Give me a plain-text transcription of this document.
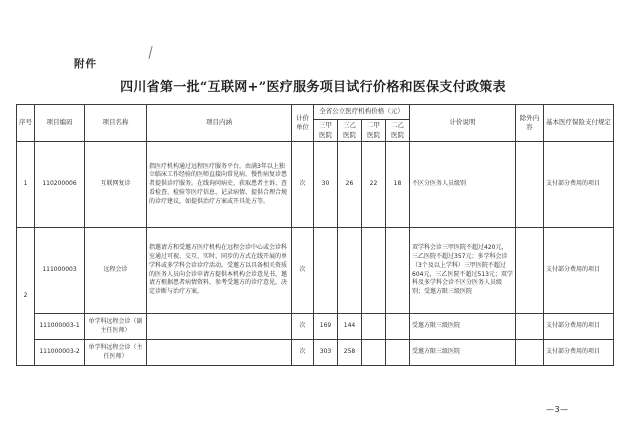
附件
四川省第一批“互联网+”医疗服务项目试行价格和医保支付政策表
序号	项目编码	项目名称	项目内涵	计价单位	全省公立医疗机构价格（元）				计价说明	除外内容	基本医疗保险支付规定
					三甲医院	三乙医院	二甲医院	二乙医院			
1	110200006	互联网复诊	指医疗机构通过远程医疗服务平台，由满3年以上独立临床工作经验的医师直接向常见病、慢性病复诊患者提供诊疗服务。在线询问病史、获取患者主诉、查看检查、检验等医疗信息、记录病情、提供合理合规的诊疗建议，如提供治疗方案或开具处方等。	次	30	26	22	18	不区分医务人员级别		支付部分费用的项目
2	111000003	远程会诊	指邀请方和受邀方医疗机构在远程会诊中心或会诊科室通过可视、交互、实时、同步的方式在线开展的单学科或多学科会诊诊疗活动。受邀方以具备相关资质的医务人员向会诊申请方提供本机构会诊意见书，邀请方根据患者病情资料，参考受邀方的诊疗意见，决定诊断与治疗方案。	次					双学科会诊三甲医院不超过420元，三乙医院不超过357元；多学科会诊（3个及以上学科）三甲医院不超过604元，三乙医院不超过513元；双学科及多学科会诊不区分医务人员级别；受邀方限三级医院		支付部分费用的项目
	111000003-1	单学科远程会诊（副主任医师）		次	169	144			受邀方限三级医院		支付部分费用的项目
	111000003-2	单学科远程会诊（主任医师）		次	303	258			受邀方限三级医院		支付部分费用的项目
—3—
